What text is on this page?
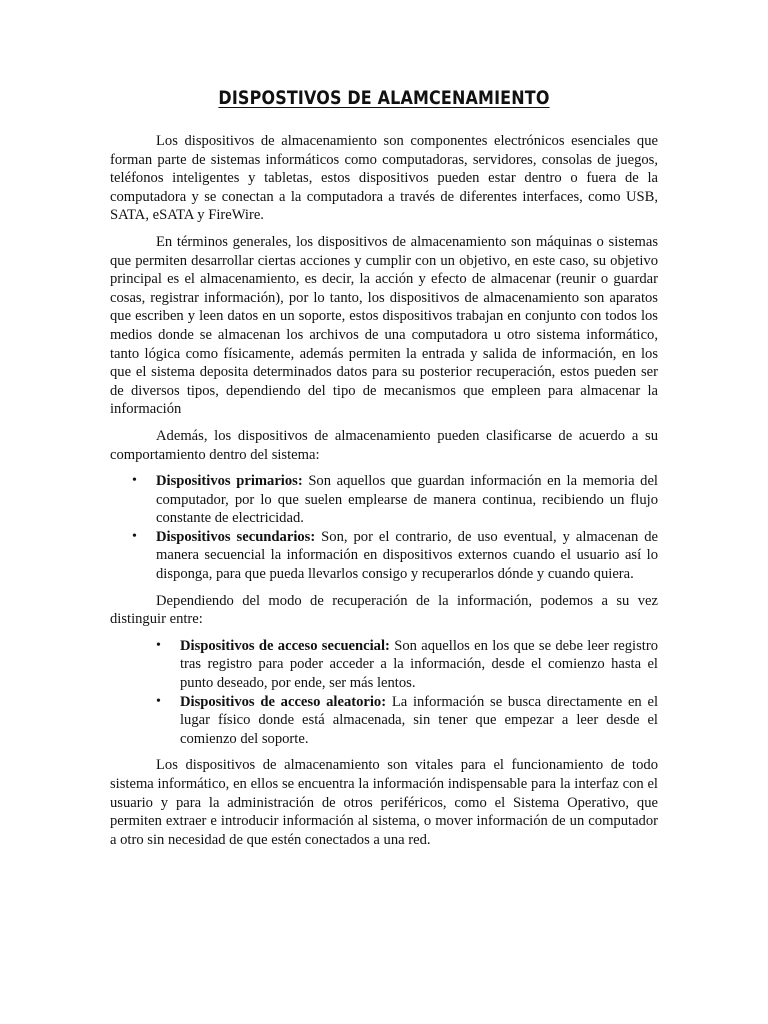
DISPOSTIVOS DE ALAMCENAMIENTO

Los dispositivos de almacenamiento son componentes electrónicos esenciales que forman parte de sistemas informáticos como computadoras, servidores, consolas de juegos, teléfonos inteligentes y tabletas, estos dispositivos pueden estar dentro o fuera de la computadora y se conectan a la computadora a través de diferentes interfaces, como USB, SATA, eSATA y FireWire.

En términos generales, los dispositivos de almacenamiento son máquinas o sistemas que permiten desarrollar ciertas acciones y cumplir con un objetivo, en este caso, su objetivo principal es el almacenamiento, es decir, la acción y efecto de almacenar (reunir o guardar cosas, registrar información), por lo tanto, los dispositivos de almacenamiento son aparatos que escriben y leen datos en un soporte, estos dispositivos trabajan en conjunto con todos los medios donde se almacenan los archivos de una computadora u otro sistema informático, tanto lógica como físicamente, además permiten la entrada y salida de información, en los que el sistema deposita determinados datos para su posterior recuperación, estos pueden ser de diversos tipos, dependiendo del tipo de mecanismos que empleen para almacenar la información

Además, los dispositivos de almacenamiento pueden clasificarse de acuerdo a su comportamiento dentro del sistema:

• Dispositivos primarios: Son aquellos que guardan información en la memoria del computador, por lo que suelen emplearse de manera continua, recibiendo un flujo constante de electricidad.
• Dispositivos secundarios: Son, por el contrario, de uso eventual, y almacenan de manera secuencial la información en dispositivos externos cuando el usuario así lo disponga, para que pueda llevarlos consigo y recuperarlos dónde y cuando quiera.

Dependiendo del modo de recuperación de la información, podemos a su vez distinguir entre:

• Dispositivos de acceso secuencial: Son aquellos en los que se debe leer registro tras registro para poder acceder a la información, desde el comienzo hasta el punto deseado, por ende, ser más lentos.
• Dispositivos de acceso aleatorio: La información se busca directamente en el lugar físico donde está almacenada, sin tener que empezar a leer desde el comienzo del soporte.

Los dispositivos de almacenamiento son vitales para el funcionamiento de todo sistema informático, en ellos se encuentra la información indispensable para la interfaz con el usuario y para la administración de otros periféricos, como el Sistema Operativo, que permiten extraer e introducir información al sistema, o mover información de un computador a otro sin necesidad de que estén conectados a una red.
